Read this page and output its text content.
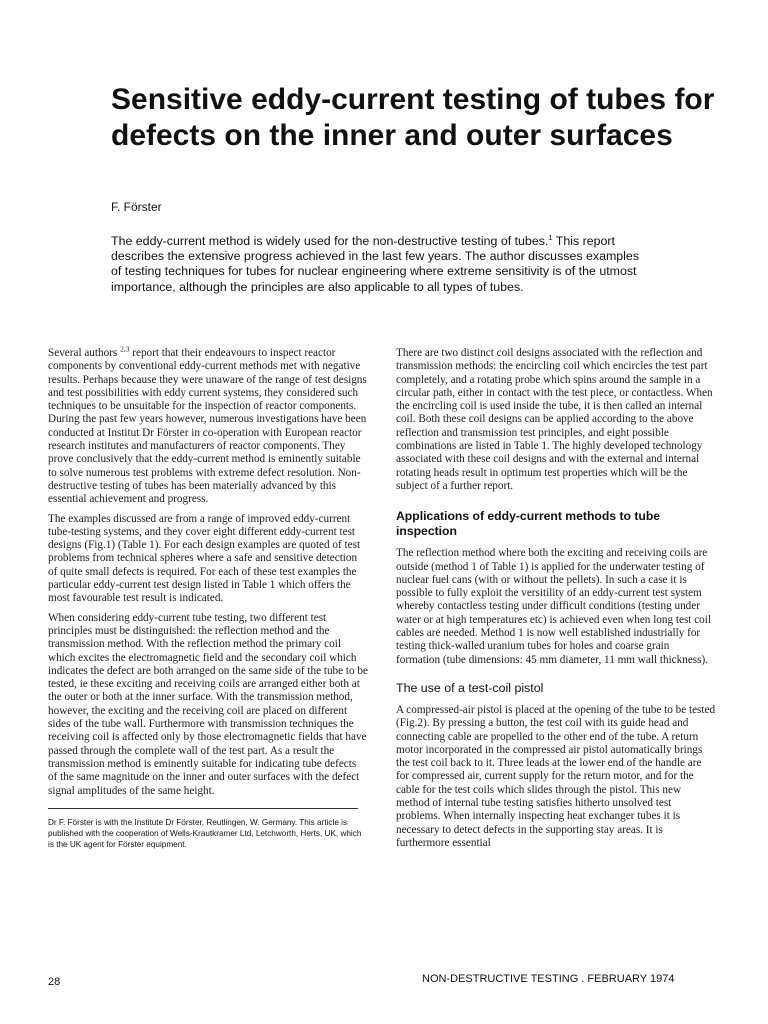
Sensitive eddy-current testing of tubes for defects on the inner and outer surfaces
F. Förster

The eddy-current method is widely used for the non-destructive testing of tubes.$^1$ This report describes the extensive progress achieved in the last few years. The author discusses examples of testing techniques for tubes for nuclear engineering where extreme sensitivity is of the utmost importance, although the principles are also applicable to all types of tubes.

Several authors $^{2,3}$ report that their endeavours to inspect reactor components by conventional eddy-current methods met with negative results. Perhaps because they were unaware of the range of test designs and test possibilities with eddy current systems, they considered such techniques to be unsuitable for the inspection of reactor components. During the past few years however, numerous investigations have been conducted at Institut Dr Förster in co-operation with European reactor research institutes and manufacturers of reactor components. They prove conclusively that the eddy-current method is eminently suitable to solve numerous test problems with extreme defect resolution. Non-destructive testing of tubes has been materially advanced by this essential achievement and progress.

The examples discussed are from a range of improved eddy-current tube-testing systems, and they cover eight different eddy-current test designs (Fig.1) (Table 1). For each design examples are quoted of test problems from technical spheres where a safe and sensitive detection of quite small defects is required. For each of these test examples the particular eddy-current test design listed in Table 1 which offers the most favourable test result is indicated.

When considering eddy-current tube testing, two different test principles must be distinguished: the reflection method and the transmission method. With the reflection method the primary coil which excites the electromagnetic field and the secondary coil which indicates the defect are both arranged on the same side of the tube to be tested, ie these exciting and receiving coils are arranged either both at the outer or both at the inner surface. With the transmission method, however, the exciting and the receiving coil are placed on different sides of the tube wall. Furthermore with transmission techniques the receiving coil is affected only by those electromagnetic fields that have passed through the complete wall of the test part. As a result the transmission method is eminently suitable for indicating tube defects of the same magnitude on the inner and outer surfaces with the defect signal amplitudes of the same height.

Dr F. Förster is with the Institute Dr Förster, Reutlingen, W. Germany. This article is published with the cooperation of Wells-Krautkramer Ltd, Letchworth, Herts, UK, which is the UK agent for Förster equipment.

There are two distinct coil designs associated with the reflection and transmission methods: the encircling coil which encircles the test part completely, and a rotating probe which spins around the sample in a circular path, either in contact with the test piece, or contactless. When the encircling coil is used inside the tube, it is then called an internal coil. Both these coil designs can be applied according to the above reflection and transmission test principles, and eight possible combinations are listed in Table 1. The highly developed technology associated with these coil designs and with the external and internal rotating heads result in optimum test properties which will be the subject of a further report.

Applications of eddy-current methods to tube inspection

The reflection method where both the exciting and receiving coils are outside (method 1 of Table 1) is applied for the underwater testing of nuclear fuel cans (with or without the pellets). In such a case it is possible to fully exploit the versitility of an eddy-current test system whereby contactless testing under difficult conditions (testing under water or at high temperatures etc) is achieved even when long test coil cables are needed. Method 1 is now well established industrially for testing thick-walled uranium tubes for holes and coarse grain formation (tube dimensions: 45 mm diameter, 11 mm wall thickness).

The use of a test-coil pistol

A compressed-air pistol is placed at the opening of the tube to be tested (Fig.2). By pressing a button, the test coil with its guide head and connecting cable are propelled to the other end of the tube. A return motor incorporated in the compressed air pistol automatically brings the test coil back to it. Three leads at the lower end of the handle are for compressed air, current supply for the return motor, and for the cable for the test coils which slides through the pistol. This new method of internal tube testing satisfies hitherto unsolved test problems. When internally inspecting heat exchanger tubes it is necessary to detect defects in the supporting stay areas. It is furthermore essential

28	NON-DESTRUCTIVE TESTING . FEBRUARY 1974
